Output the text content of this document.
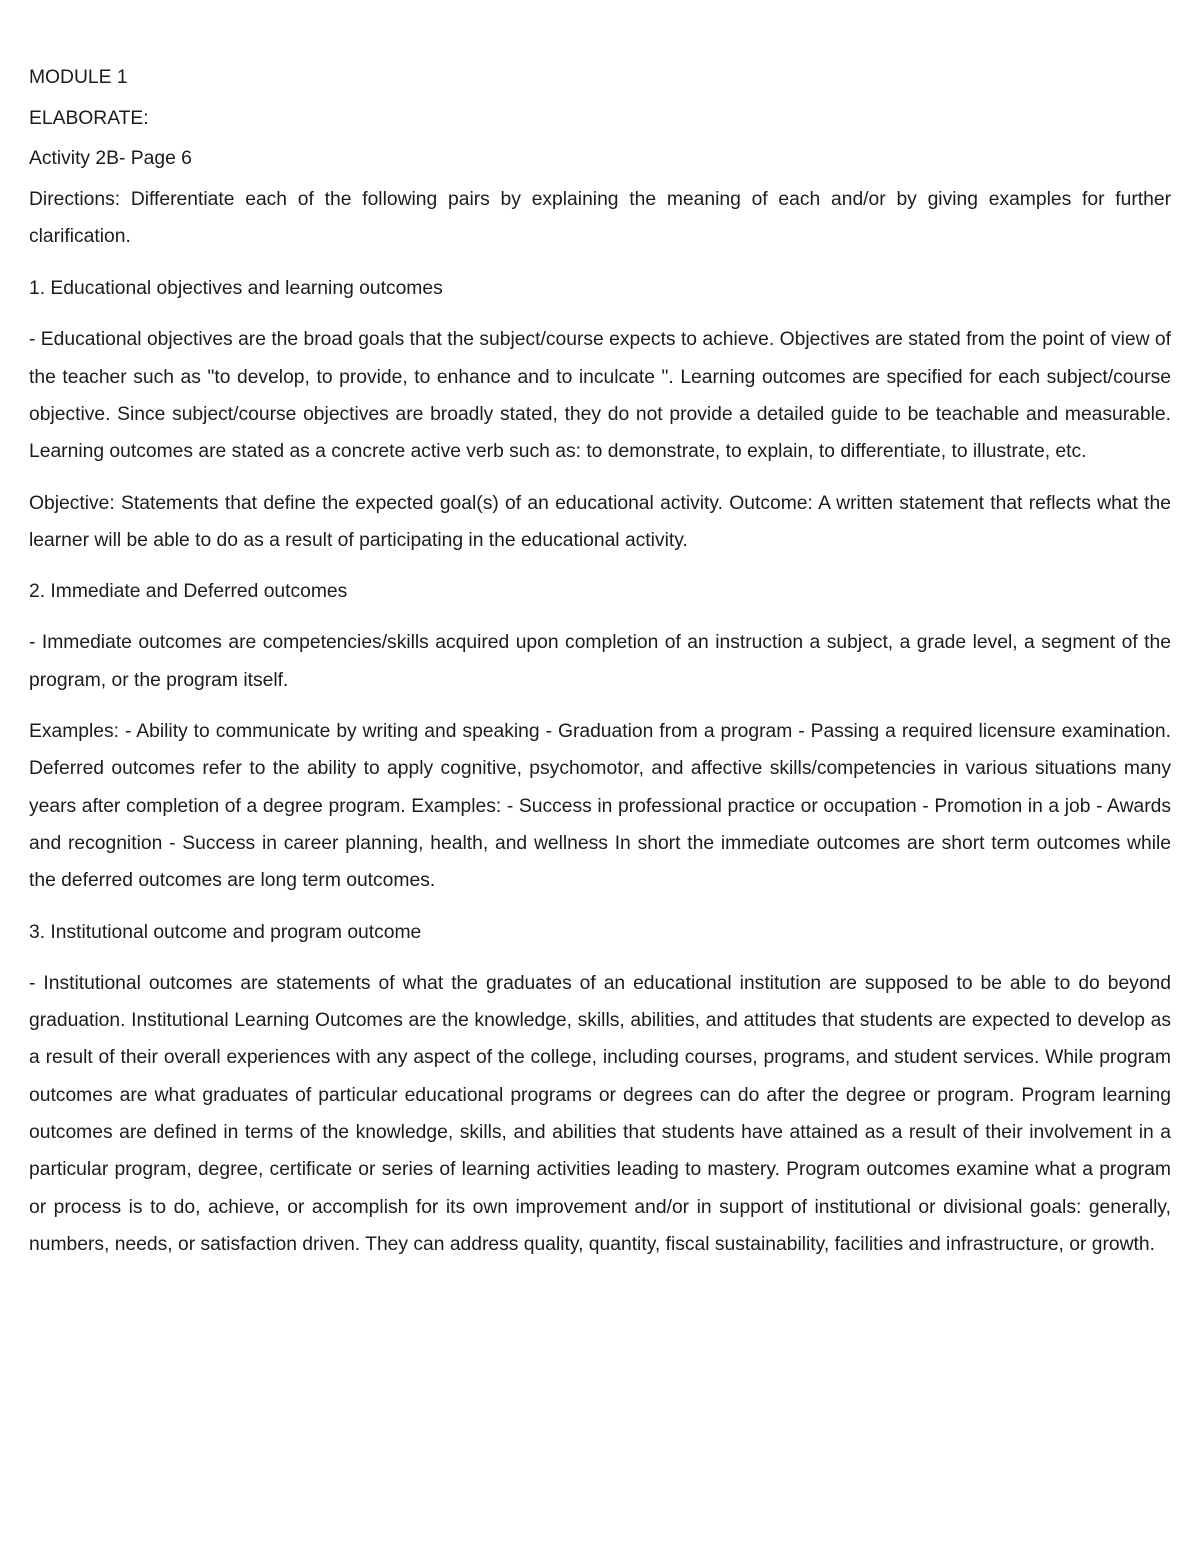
MODULE 1

ELABORATE:

Activity 2B- Page 6

Directions: Differentiate each of the following pairs by explaining the meaning of each and/or by giving examples for further clarification.

1. Educational objectives and learning outcomes

- Educational objectives are the broad goals that the subject/course expects to achieve. Objectives are stated from the point of view of the teacher such as "to develop, to provide, to enhance and to inculcate ". Learning outcomes are specified for each subject/course objective. Since subject/course objectives are broadly stated, they do not provide a detailed guide to be teachable and measurable. Learning outcomes are stated as a concrete active verb such as: to demonstrate, to explain, to differentiate, to illustrate, etc.

Objective: Statements that define the expected goal(s) of an educational activity. Outcome: A written statement that reflects what the learner will be able to do as a result of participating in the educational activity.

2. Immediate and Deferred outcomes

- Immediate outcomes are competencies/skills acquired upon completion of an instruction a subject, a grade level, a segment of the program, or the program itself.

Examples: - Ability to communicate by writing and speaking - Graduation from a program - Passing a required licensure examination. Deferred outcomes refer to the ability to apply cognitive, psychomotor, and affective skills/competencies in various situations many years after completion of a degree program. Examples: - Success in professional practice or occupation - Promotion in a job - Awards and recognition - Success in career planning, health, and wellness In short the immediate outcomes are short term outcomes while the deferred outcomes are long term outcomes.

3. Institutional outcome and program outcome

- Institutional outcomes are statements of what the graduates of an educational institution are supposed to be able to do beyond graduation. Institutional Learning Outcomes are the knowledge, skills, abilities, and attitudes that students are expected to develop as a result of their overall experiences with any aspect of the college, including courses, programs, and student services. While program outcomes are what graduates of particular educational programs or degrees can do after the degree or program. Program learning outcomes are defined in terms of the knowledge, skills, and abilities that students have attained as a result of their involvement in a particular program, degree, certificate or series of learning activities leading to mastery. Program outcomes examine what a program or process is to do, achieve, or accomplish for its own improvement and/or in support of institutional or divisional goals: generally, numbers, needs, or satisfaction driven. They can address quality, quantity, fiscal sustainability, facilities and infrastructure, or growth.
